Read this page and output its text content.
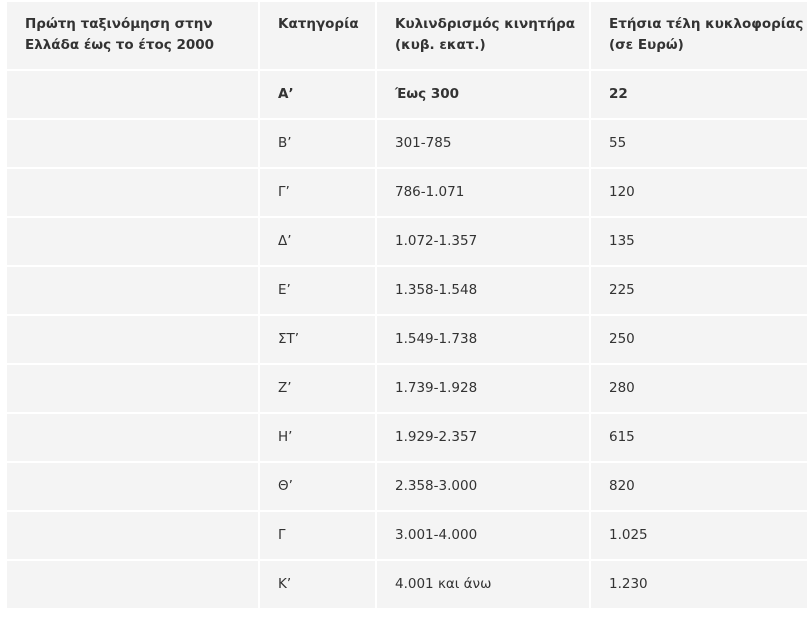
Πρώτη ταξινόμηση στην Ελλάδα έως το έτος 2000	Κατηγορία	Κυλινδρισμός κινητήρα (κυβ. εκατ.)	Ετήσια τέλη κυκλοφορίας (σε Ευρώ)
	Α’	Έως 300	22
	Β’	301-785	55
	Γ’	786-1.071	120
	Δ’	1.072-1.357	135
	Ε’	1.358-1.548	225
	ΣΤ’	1.549-1.738	250
	Ζ’	1.739-1.928	280
	Η’	1.929-2.357	615
	Θ’	2.358-3.000	820
	Γ	3.001-4.000	1.025
	Κ’	4.001 και άνω	1.230
